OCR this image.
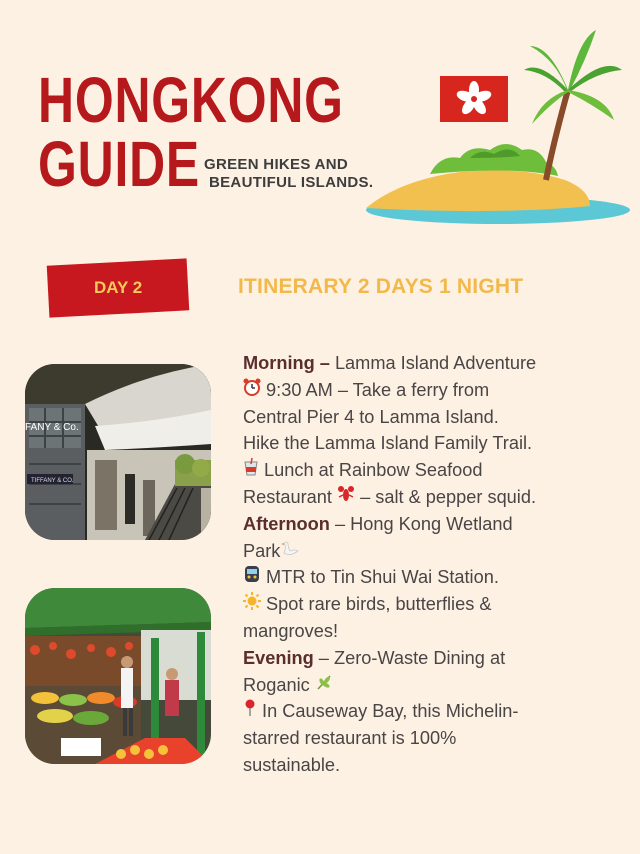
HONGKONG
GUIDE GREEN HIKES AND
BEAUTIFUL ISLANDS.
DAY 2	ITINERARY 2 DAYS 1 NIGHT
FANY & Co.
TIFFANY & CO.

Morning – Lamma Island Adventure

9:30 AM – Take a ferry from

Central Pier 4 to Lamma Island.

Hike the Lamma Island Family Trail.

Lunch at Rainbow Seafood

Restaurant  – salt & pepper squid.

Afternoon – Hong Kong Wetland

Park

MTR to Tin Shui Wai Station.

Spot rare birds, butterflies &

mangroves!

Evening – Zero-Waste Dining at

Roganic

In Causeway Bay, this Michelin-

starred restaurant is 100%

sustainable.
